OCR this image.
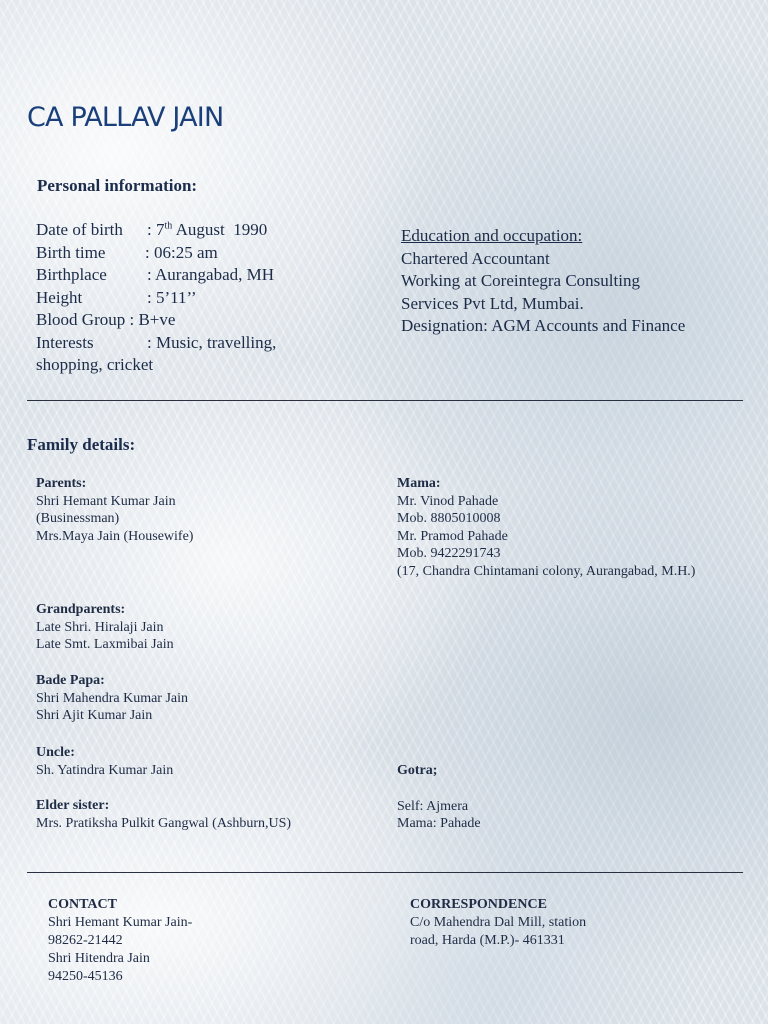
CA PALLAV JAIN
Personal information:
Date of birth : 7th August  1990
Birth time : 06:25 am
Birthplace : Aurangabad, MH
Height	: 5’11’’
Blood Group : B+ve
Interests	: Music, travelling,
shopping, cricket
Education and occupation:
Chartered Accountant
Working at Coreintegra Consulting
Services Pvt Ltd, Mumbai.
Designation: AGM Accounts and Finance
Family details:
Parents:
Shri Hemant Kumar Jain
(Businessman)
Mrs.Maya Jain (Housewife)
Grandparents:
Late Shri. Hiralaji Jain
Late Smt. Laxmibai Jain
Bade Papa:
Shri Mahendra Kumar Jain
Shri Ajit Kumar Jain
Uncle:
Sh. Yatindra Kumar Jain
Elder sister:
Mrs. Pratiksha Pulkit Gangwal (Ashburn,US)
Mama:
Mr. Vinod Pahade
Mob. 8805010008
Mr. Pramod Pahade
Mob. 9422291743
(17, Chandra Chintamani colony, Aurangabad, M.H.)
Gotra;
Self: Ajmera
Mama: Pahade
CONTACT
Shri Hemant Kumar Jain-
98262-21442
Shri Hitendra Jain
94250-45136
CORRESPONDENCE
C/o Mahendra Dal Mill, station
road, Harda (M.P.)- 461331
